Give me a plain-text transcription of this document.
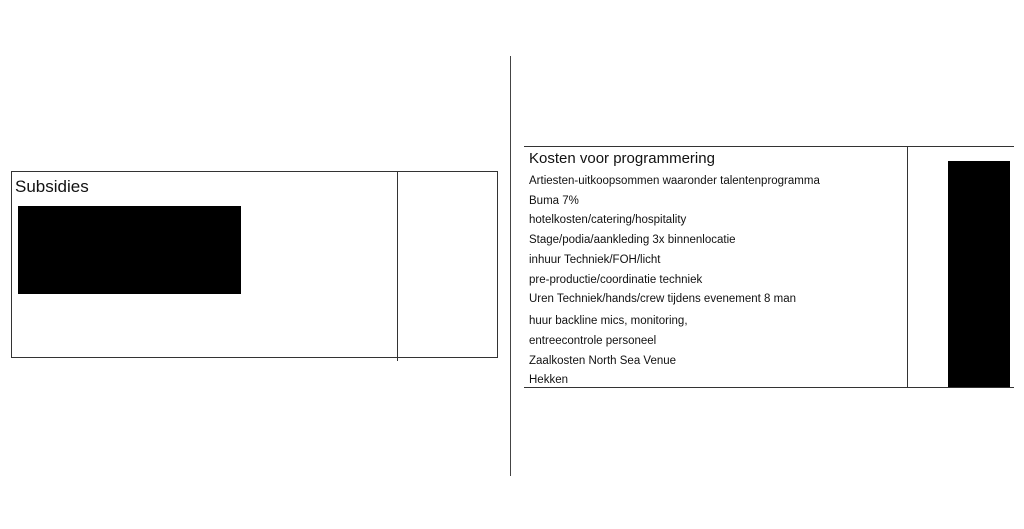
Subsidies
Kosten voor programmering
Artiesten-uitkoopsommen waaronder talentenprogramma
Buma 7%
hotelkosten/catering/hospitality
Stage/podia/aankleding 3x binnenlocatie
inhuur Techniek/FOH/licht
pre-productie/coordinatie techniek
Uren Techniek/hands/crew tijdens evenement 8 man
huur backline mics, monitoring,
entreecontrole personeel
Zaalkosten North Sea Venue
Hekken
